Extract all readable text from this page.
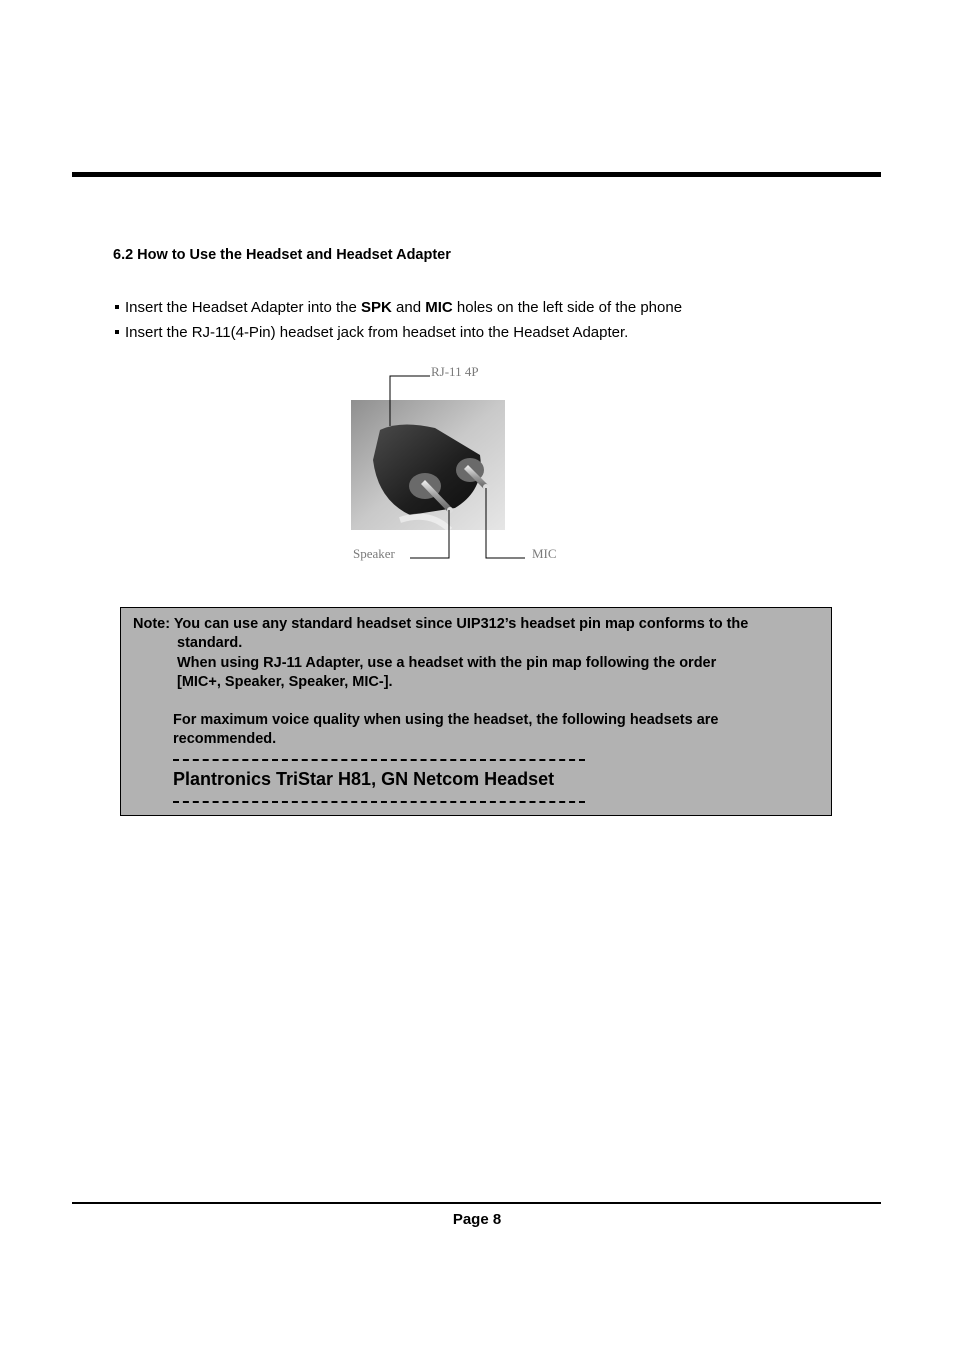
6.2 How to Use the Headset and Headset Adapter
Insert the Headset Adapter into the SPK and MIC holes on the left side of the phone
Insert the RJ-11(4-Pin) headset jack from headset into the Headset Adapter.
RJ-11 4P
Speaker	MIC
Note: You can use any standard headset since UIP312’s headset pin map conforms to the
standard.
When using RJ-11 Adapter, use a headset with the pin map following the order
[MIC+, Speaker, Speaker, MIC-].
For maximum voice quality when using the headset, the following headsets are
recommended.
Plantronics TriStar H81, GN Netcom Headset
Page 8
